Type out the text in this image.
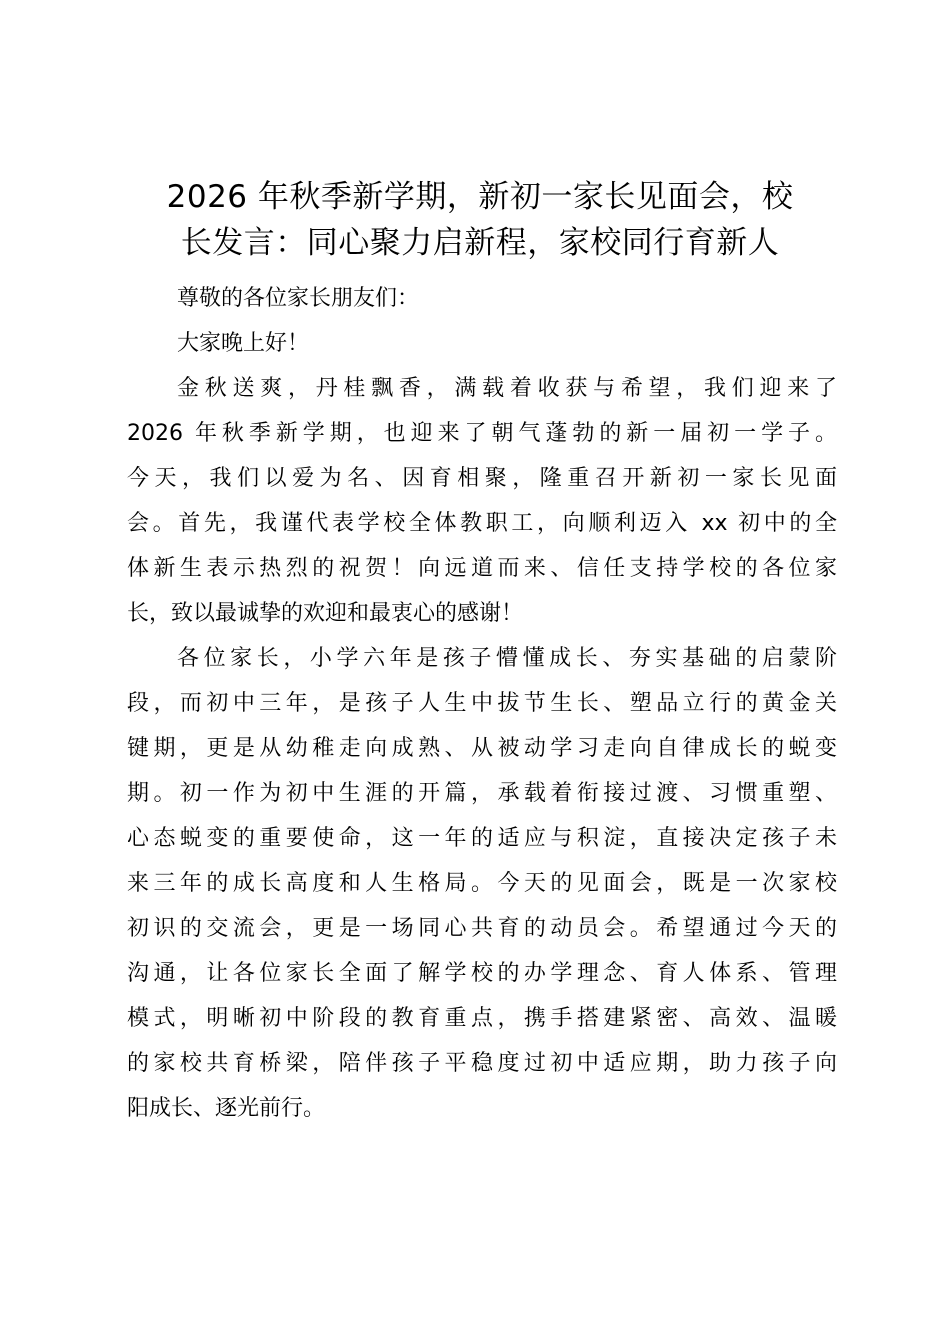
2026 年秋季新学期，新初一家长见面会，校
长发言：同心聚力启新程，家校同行育新人

尊敬的各位家长朋友们：

大家晚上好！

金秋送爽，丹桂飘香，满载着收获与希望，我们迎来了
2026 年秋季新学期，也迎来了朝气蓬勃的新一届初一学子。
今天，我们以爱为名、因育相聚，隆重召开新初一家长见面
会。首先，我谨代表学校全体教职工，向顺利迈入 xx 初中的全
体新生表示热烈的祝贺！向远道而来、信任支持学校的各位家
长，致以最诚挚的欢迎和最衷心的感谢！

各位家长，小学六年是孩子懵懂成长、夯实基础的启蒙阶
段，而初中三年，是孩子人生中拔节生长、塑品立行的黄金关
键期，更是从幼稚走向成熟、从被动学习走向自律成长的蜕变
期。初一作为初中生涯的开篇，承载着衔接过渡、习惯重塑、
心态蜕变的重要使命，这一年的适应与积淀，直接决定孩子未
来三年的成长高度和人生格局。今天的见面会，既是一次家校
初识的交流会，更是一场同心共育的动员会。希望通过今天的
沟通，让各位家长全面了解学校的办学理念、育人体系、管理
模式，明晰初中阶段的教育重点，携手搭建紧密、高效、温暖
的家校共育桥梁，陪伴孩子平稳度过初中适应期，助力孩子向
阳成长、逐光前行。
